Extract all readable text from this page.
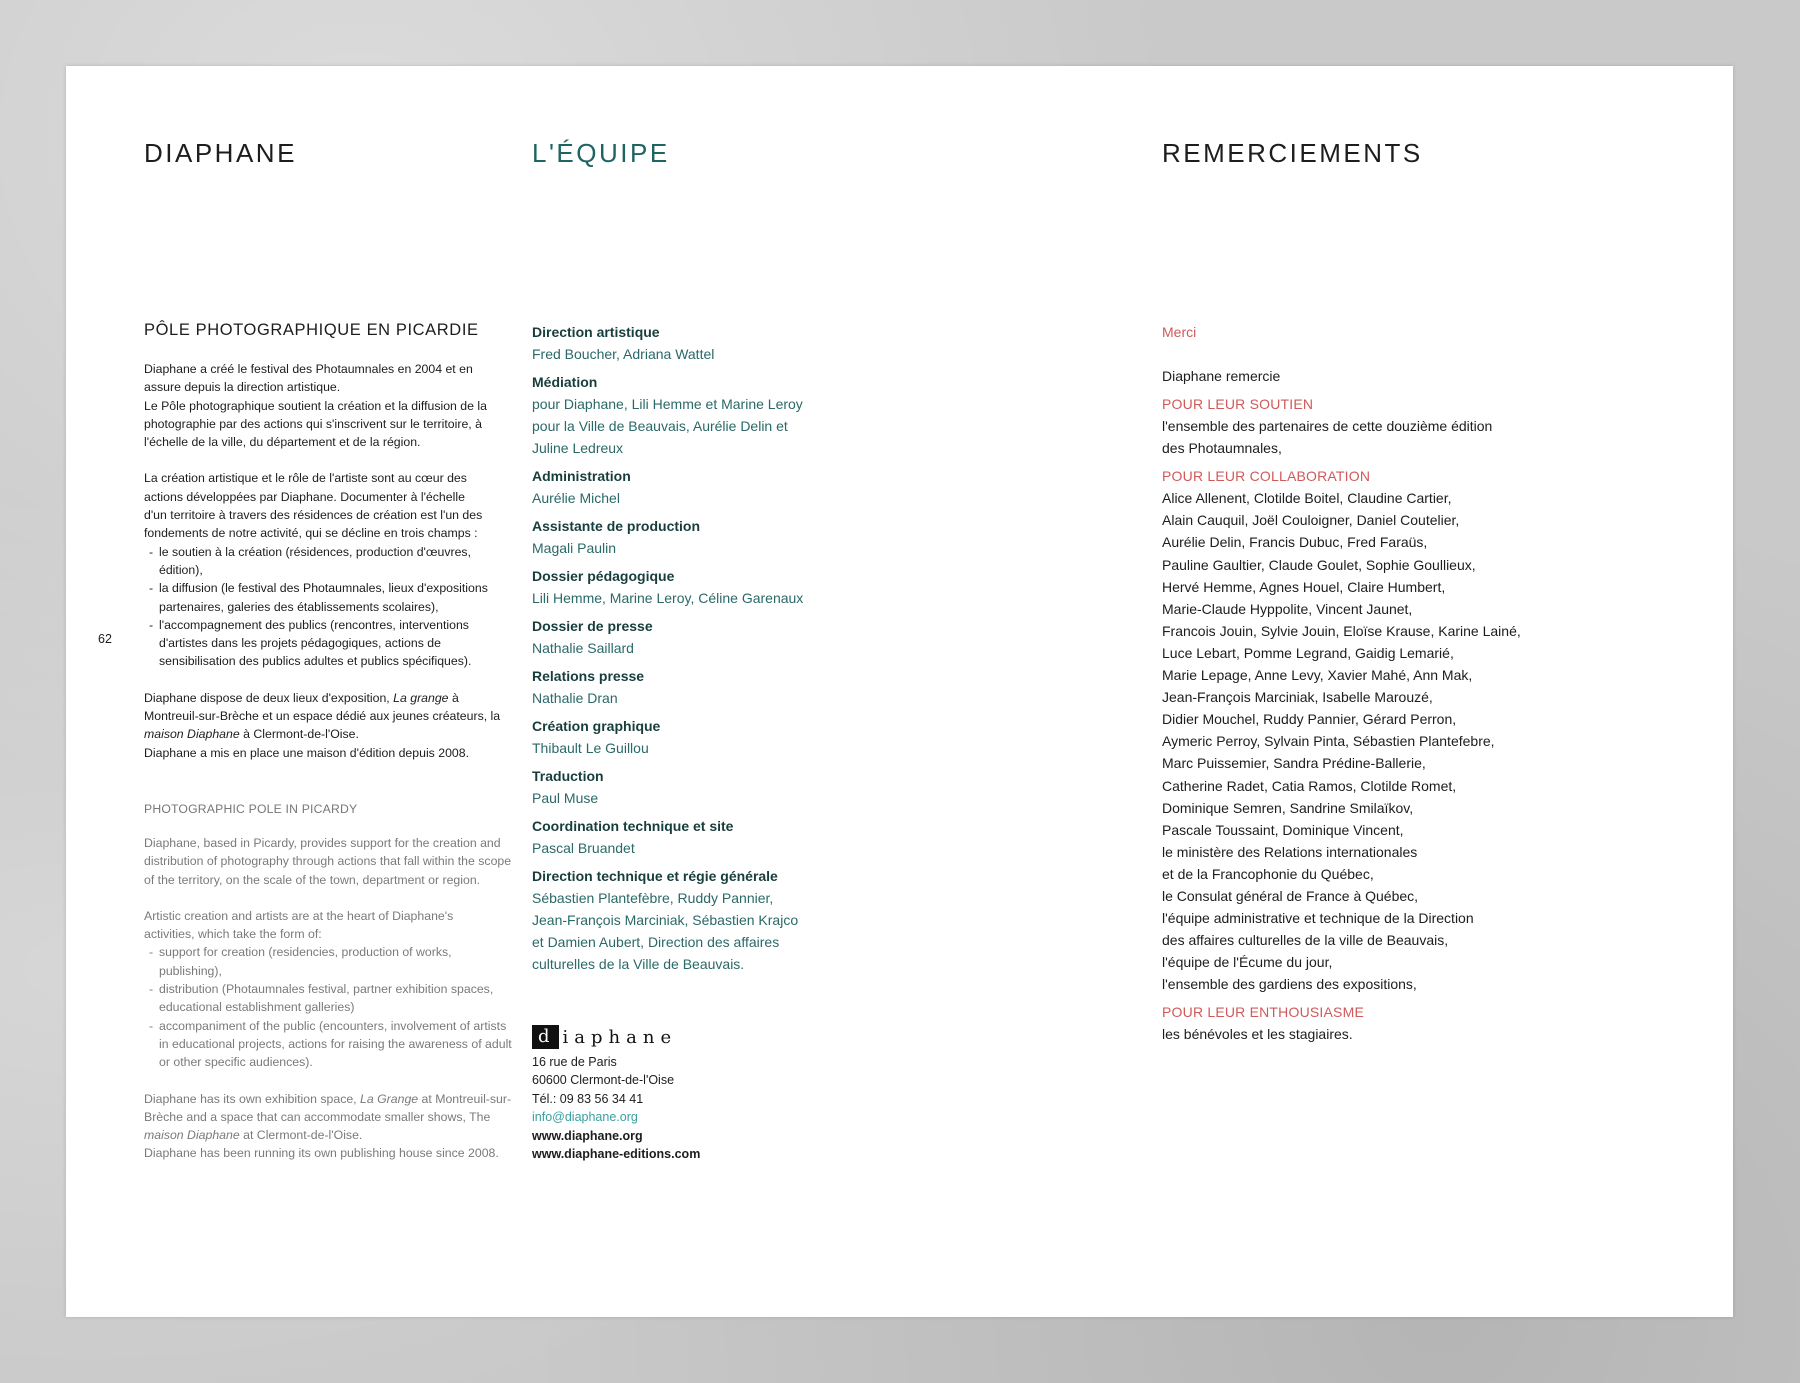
62
DIAPHANE	L'ÉQUIPE	REMERCIEMENTS
PÔLE PHOTOGRAPHIQUE EN PICARDIE

Diaphane a créé le festival des Photaumnales en 2004 et en
assure depuis la direction artistique.
Le Pôle photographique soutient la création et la diffusion de la
photographie par des actions qui s'inscrivent sur le territoire, à
l'échelle de la ville, du département et de la région.

La création artistique et le rôle de l'artiste sont au cœur des
actions développées par Diaphane. Documenter à l'échelle
d'un territoire à travers des résidences de création est l'un des
fondements de notre activité, qui se décline en trois champs :

- le soutien à la création (résidences, production d'œuvres, édition),
- la diffusion (le festival des Photaumnales, lieux d'expositions partenaires, galeries des établissements scolaires),
- l'accompagnement des publics (rencontres, interventions d'artistes dans les projets pédagogiques, actions de sensibilisation des publics adultes et publics spécifiques).

Diaphane dispose de deux lieux d'exposition, La grange à Montreuil-sur-Brèche et un espace dédié aux jeunes créateurs, la maison Diaphane à Clermont-de-l'Oise.
Diaphane a mis en place une maison d'édition depuis 2008.

PHOTOGRAPHIC POLE IN PICARDY

Diaphane, based in Picardy, provides support for the creation and distribution of photography through actions that fall within the scope of the territory, on the scale of the town, department or region.

Artistic creation and artists are at the heart of Diaphane's
activities, which take the form of:

- support for creation (residencies, production of works, publishing),
- distribution (Photaumnales festival, partner exhibition spaces, educational establishment galleries)
- accompaniment of the public (encounters, involvement of artists in educational projects, actions for raising the awareness of adult or other specific audiences).

Diaphane has its own exhibition space, La Grange at Montreuil-sur-Brèche and a space that can accommodate smaller shows, The maison Diaphane at Clermont-de-l'Oise.
Diaphane has been running its own publishing house since 2008.

Direction artistique
Fred Boucher, Adriana Wattel
Médiation
pour Diaphane, Lili Hemme et Marine Leroy
pour la Ville de Beauvais, Aurélie Delin et
Juline Ledreux
Administration
Aurélie Michel
Assistante de production
Magali Paulin
Dossier pédagogique
Lili Hemme, Marine Leroy, Céline Garenaux
Dossier de presse
Nathalie Saillard
Relations presse
Nathalie Dran
Création graphique
Thibault Le Guillou
Traduction
Paul Muse
Coordination technique et site
Pascal Bruandet
Direction technique et régie générale
Sébastien Plantefèbre, Ruddy Pannier,
Jean-François Marciniak, Sébastien Krajco
et Damien Aubert, Direction des affaires
culturelles de la Ville de Beauvais.
d iaphane
16 rue de Paris
60600 Clermont-de-l'Oise
Tél.: 09 83 56 34 41
info@diaphane.org
www.diaphane.org
www.diaphane-editions.com
Merci
Diaphane remercie
POUR LEUR SOUTIEN
l'ensemble des partenaires de cette douzième édition
des Photaumnales,
POUR LEUR COLLABORATION
Alice Allenent, Clotilde Boitel, Claudine Cartier,
Alain Cauquil, Joël Couloigner, Daniel Coutelier,
Aurélie Delin, Francis Dubuc, Fred Faraüs,
Pauline Gaultier, Claude Goulet, Sophie Goullieux,
Hervé Hemme, Agnes Houel, Claire Humbert,
Marie-Claude Hyppolite, Vincent Jaunet,
Francois Jouin, Sylvie Jouin, Eloïse Krause, Karine Lainé,
Luce Lebart, Pomme Legrand, Gaidig Lemarié,
Marie Lepage, Anne Levy, Xavier Mahé, Ann Mak,
Jean-François Marciniak, Isabelle Marouzé,
Didier Mouchel, Ruddy Pannier, Gérard Perron,
Aymeric Perroy, Sylvain Pinta, Sébastien Plantefebre,
Marc Puissemier, Sandra Prédine-Ballerie,
Catherine Radet, Catia Ramos, Clotilde Romet,
Dominique Semren, Sandrine Smilaïkov,
Pascale Toussaint, Dominique Vincent,
le ministère des Relations internationales
et de la Francophonie du Québec,
le Consulat général de France à Québec,
l'équipe administrative et technique de la Direction
des affaires culturelles de la ville de Beauvais,
l'équipe de l'Écume du jour,
l'ensemble des gardiens des expositions,
POUR LEUR ENTHOUSIASME
les bénévoles et les stagiaires.
